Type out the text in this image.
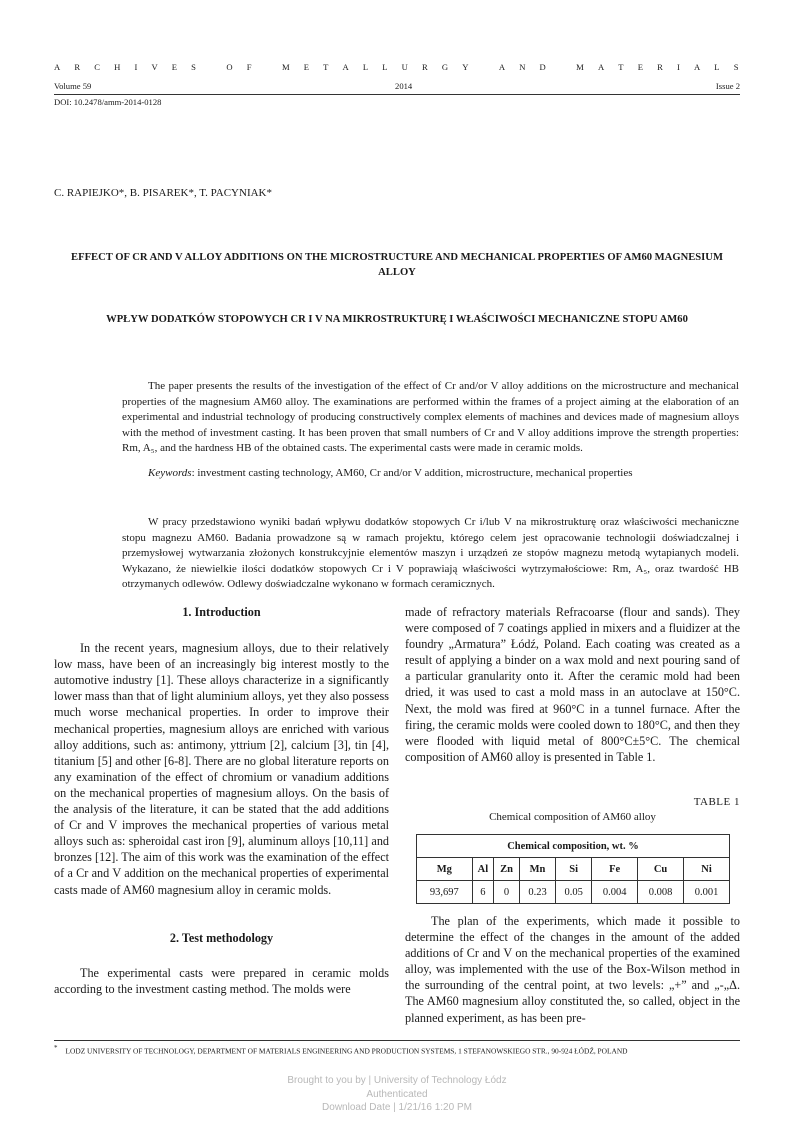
A R C H I V E S
	O F
	M E T A L L U R G Y
	A N D
	M A T E R I A L S
Volume 59	2014	Issue 2
DOI: 10.2478/amm-2014-0128
C. RAPIEJKO*, B. PISAREK*, T. PACYNIAK*
EFFECT OF CR AND V ALLOY ADDITIONS ON THE MICROSTRUCTURE AND MECHANICAL PROPERTIES OF AM60 MAGNESIUM ALLOY
WPŁYW DODATKÓW STOPOWYCH CR I V NA MIKROSTRUKTURĘ I WŁAŚCIWOŚCI MECHANICZNE STOPU AM60

The paper presents the results of the investigation of the effect of Cr and/or V alloy additions on the microstructure and mechanical properties of the magnesium AM60 alloy. The examinations are performed within the frames of a project aiming at the elaboration of an experimental and industrial technology of producing constructively complex elements of machines and devices made of magnesium alloys with the method of investment casting. It has been proven that small numbers of Cr and V alloy additions improve the strength properties: Rm, A₅, and the hardness HB of the obtained casts. The experimental casts were made in ceramic molds.

Keywords: investment casting technology, AM60, Cr and/or V addition, microstructure, mechanical properties

W pracy przedstawiono wyniki badań wpływu dodatków stopowych Cr i/lub V na mikrostrukturę oraz właściwości mechaniczne stopu magnezu AM60. Badania prowadzone są w ramach projektu, którego celem jest opracowanie technologii doświadczalnej i przemysłowej wytwarzania złożonych konstrukcyjnie elementów maszyn i urządzeń ze stopów magnezu metodą wytapianych modeli. Wykazano, że niewielkie ilości dodatków stopowych Cr i V poprawiają właściwości wytrzymałościowe: Rm, A₅, oraz twardość HB otrzymanych odlewów. Odlewy doświadczalne wykonano w formach ceramicznych.

1. Introduction

In the recent years, magnesium alloys, due to their relatively low mass, have been of an increasingly big interest mostly to the automotive industry [1]. These alloys characterize in a significantly lower mass than that of light aluminium alloys, yet they also possess much worse mechanical properties. In order to improve their mechanical properties, magnesium alloys are enriched with various alloy additions, such as: antimony, yttrium [2], calcium [3], tin [4], titanium [5] and other [6-8]. There are no global literature reports on any examination of the effect of chromium or vanadium additions on the mechanical properties of magnesium alloys. On the basis of the analysis of the literature, it can be stated that the add additions of Cr and V improves the mechanical properties of various metal alloys such as: spheroidal cast iron [9], aluminum alloys [10,11] and bronzes [12]. The aim of this work was the examination of the effect of a Cr and V addition on the mechanical properties of experimental casts made of AM60 magnesium alloy in ceramic molds.

2. Test methodology

The experimental casts were prepared in ceramic molds according to the investment casting method. The molds were

made of refractory materials Refracoarse (flour and sands). They were composed of 7 coatings applied in mixers and a fluidizer at the foundry „Armatura” Łódź, Poland. Each coating was created as a result of applying a binder on a wax mold and next pouring sand of a particular granularity onto it. After the ceramic mold had been dried, it was used to cast a mold mass in an autoclave at 150°C. Next, the mold was fired at 960°C in a tunnel furnace. After the firing, the ceramic molds were cooled down to 180°C, and then they were flooded with liquid metal of 800°C±5°C. The chemical composition of AM60 alloy is presented in Table 1.

TABLE 1
Chemical composition of AM60 alloy
Chemical composition, wt. %							
Mg	Al	Zn	Mn	Si	Fe	Cu	Ni
93,697	6	0	0.23	0.05	0.004	0.008	0.001

The plan of the experiments, which made it possible to determine the effect of the changes in the amount of the added additions of Cr and V on the mechanical properties of the examined alloy, was implemented with the use of the Box-Wilson method in the surrounding of the central point, at two levels: „+” and „-„Δ. The AM60 magnesium alloy constituted the, so called, object in the planned experiment, as has been pre-

* LODZ UNIVERSITY OF TECHNOLOGY, DEPARTMENT OF MATERIALS ENGINEERING AND PRODUCTION SYSTEMS, 1 STEFANOWSKIEGO STR., 90-924 ŁÓDŹ, POLAND
Brought to you by | University of Technology Łódz
Authenticated
Download Date | 1/21/16 1:20 PM
